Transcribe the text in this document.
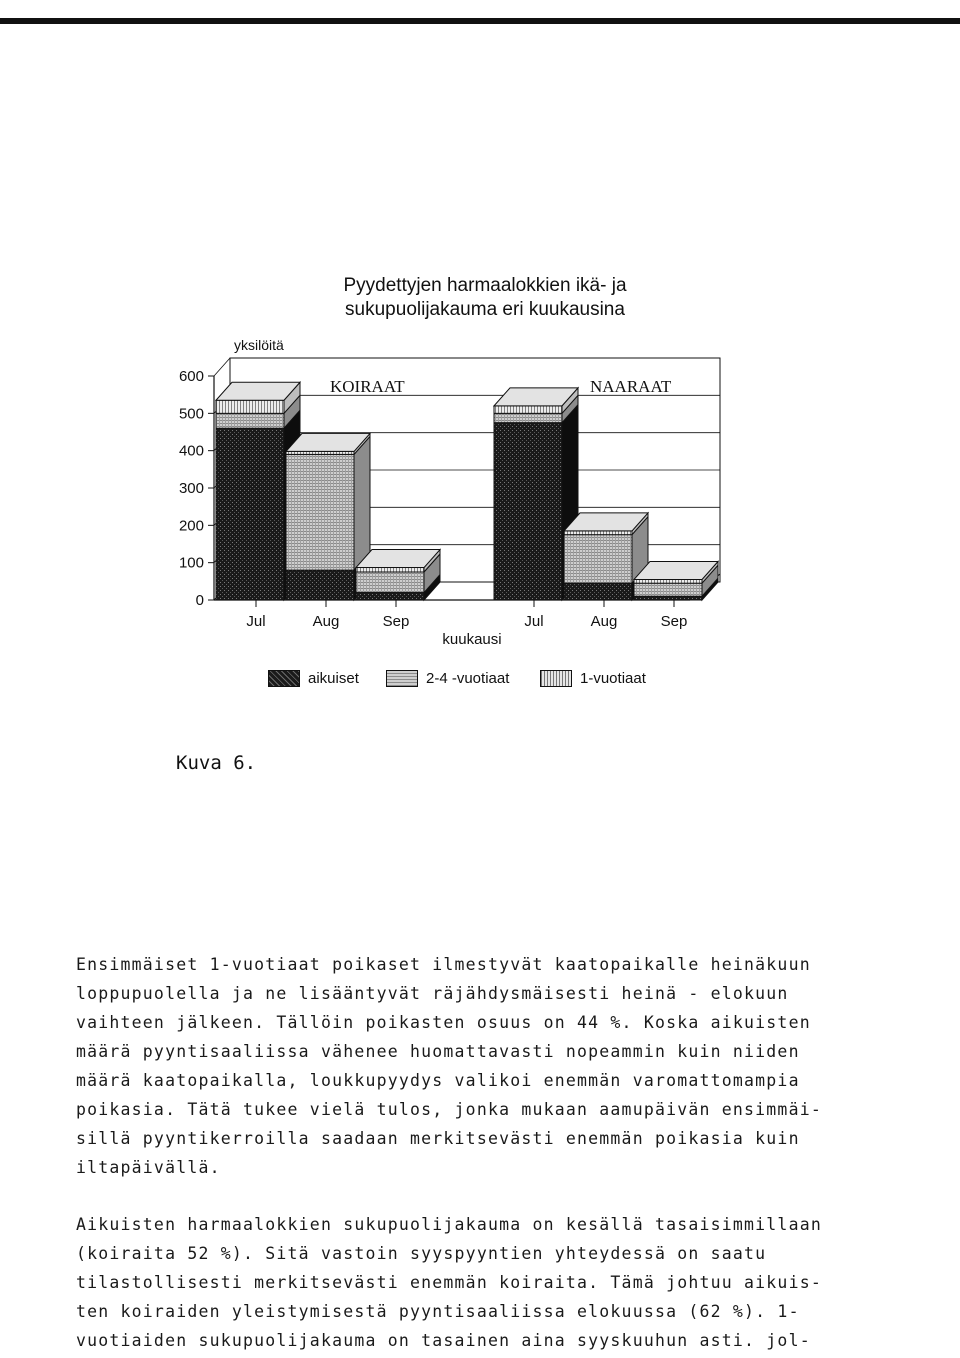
Pyydettyjen harmaalokkien ikä- ja
sukupuolijakauma eri kuukausina
600
500
400
300
200
100
0
yksilöitä
kuukausi
KOIRAAT
Jul	Aug	Sep
NAARAAT
Jul	Aug	Sep
aikuiset	2-4 -vuotiaat	1-vuotiaat
Kuva 6.
Ensimmäiset 1-vuotiaat poikaset ilmestyvät kaatopaikalle heinäkuun
loppupuolella ja ne lisääntyvät räjähdysmäisesti heinä - elokuun
vaihteen jälkeen. Tällöin poikasten osuus on 44 %. Koska aikuisten
määrä pyyntisaaliissa vähenee huomattavasti nopeammin kuin niiden
määrä kaatopaikalla, loukkupyydys valikoi enemmän varomattomampia
poikasia. Tätä tukee vielä tulos, jonka mukaan aamupäivän ensimmäi-
sillä pyyntikerroilla saadaan merkitsevästi enemmän poikasia kuin
iltapäivällä.
Aikuisten harmaalokkien sukupuolijakauma on kesällä tasaisimmillaan
(koiraita 52 %). Sitä vastoin syyspyyntien yhteydessä on saatu
tilastollisesti merkitsevästi enemmän koiraita. Tämä johtuu aikuis-
ten koiraiden yleistymisestä pyyntisaaliissa elokuussa (62 %). 1-
vuotiaiden sukupuolijakauma on tasainen aina syyskuuhun asti. jol-
